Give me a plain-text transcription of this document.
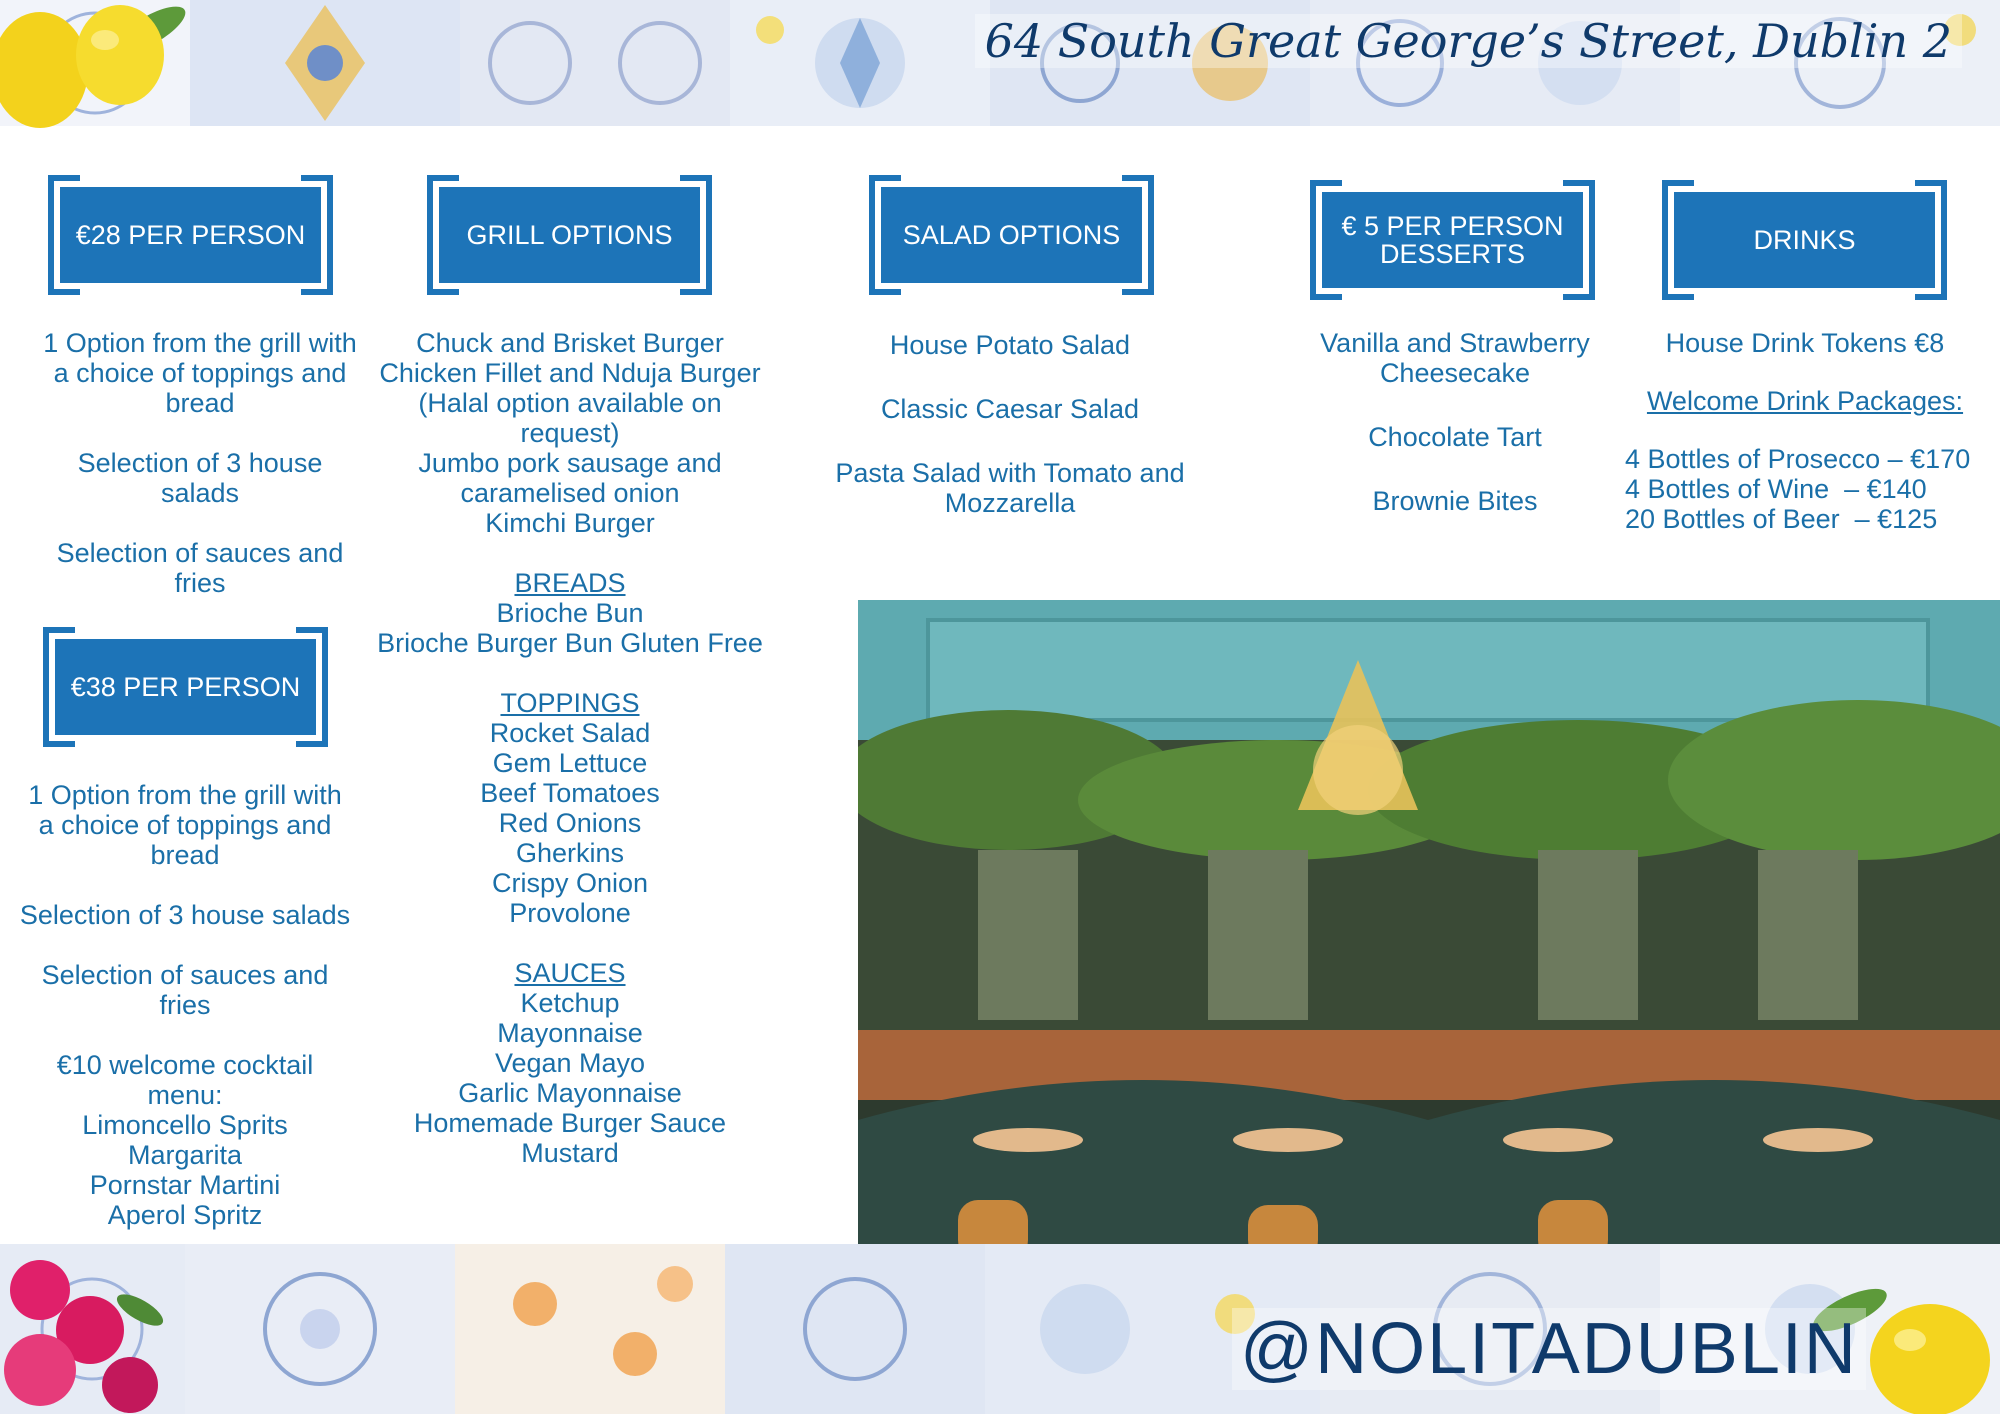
64 South Great George’s Street, Dublin 2
€28 PER PERSON	GRILL OPTIONS	SALAD OPTIONS	€ 5 PER PERSON
DESSERTS	DRINKS
€38 PER PERSON
1 Option from the grill with
a choice of toppings and
bread
Selection of 3 house
salads
Selection of sauces and
fries
1 Option from the grill with
a choice of toppings and
bread
Selection of 3 house salads
Selection of sauces and
fries
€10 welcome cocktail
menu:
Limoncello Sprits
Margarita
Pornstar Martini
Aperol Spritz
Chuck and Brisket Burger
Chicken Fillet and Nduja Burger
(Halal option available on
request)
Jumbo pork sausage and
caramelised onion
Kimchi Burger
BREADS
Brioche Bun
Brioche Burger Bun Gluten Free
TOPPINGS
Rocket Salad
Gem Lettuce
Beef Tomatoes
Red Onions
Gherkins
Crispy Onion
Provolone
SAUCES
Ketchup
Mayonnaise
Vegan Mayo
Garlic Mayonnaise
Homemade Burger Sauce
Mustard
House Potato Salad
Classic Caesar Salad
Pasta Salad with Tomato and
Mozzarella
Vanilla and Strawberry
Cheesecake
Chocolate Tart
Brownie Bites
House Drink Tokens €8
Welcome Drink Packages:
4 Bottles of Prosecco – €170
4 Bottles of Wine  – €140
20 Bottles of Beer  – €125
@NOLITADUBLIN
